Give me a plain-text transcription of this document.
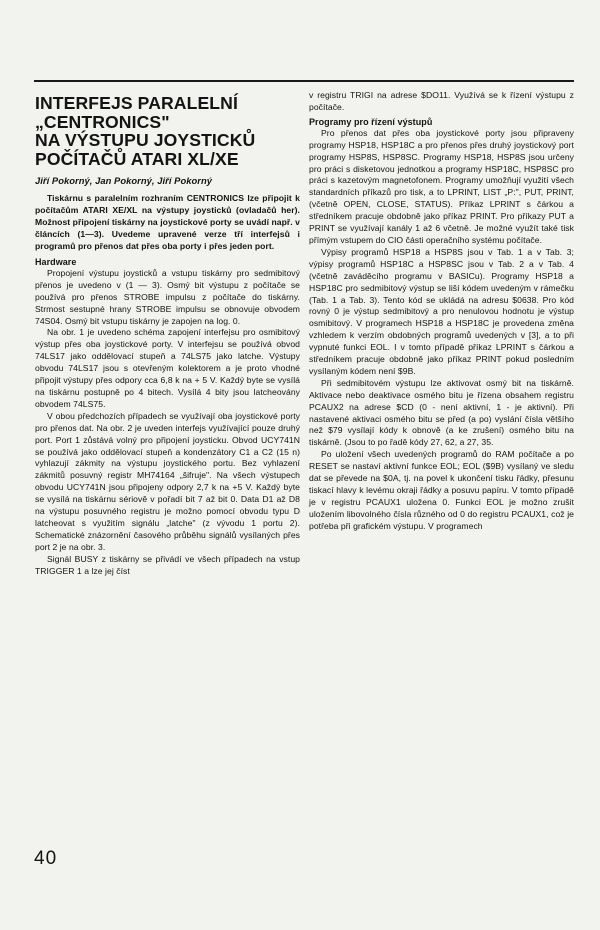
INTERFEJS PARALELNÍ
„CENTRONICS"
NA VÝSTUPU JOYSTICKŮ
POČÍTAČŮ ATARI XL/XE
Jiří Pokorný, Jan Pokorný, Jiří Pokorný

Tiskárnu s paralelním rozhraním CENTRONICS lze připojit k počítačům ATARI XE/XL na výstupy joysticků (ovladačů her). Možnost připojení tiskárny na joystickové porty se uvádí např. v článcích (1—3). Uvedeme upravené verze tří interfejsů i programů pro přenos dat přes oba porty i přes jeden port.

Hardware

Propojení výstupu joysticků a vstupu tiskárny pro sedmibitový přenos je uvedeno v (1 — 3). Osmý bit výstupu z počítače se používá pro přenos STROBE impulsu z počítače do tiskárny. Strmost sestupné hrany STROBE impulsu se obnovuje obvodem 74S04. Osmý bit vstupu tiskárny je zapojen na log. 0.

Na obr. 1 je uvedeno schéma zapojení interfejsu pro osmibitový výstup přes oba joystickové porty. V interfejsu se používá obvod 74LS17 jako oddělovací stupeň a 74LS75 jako latche. Výstupy obvodu 74LS17 jsou s otevřeným kolektorem a je proto vhodné připojit výstupy přes odpory cca 6,8 k na + 5 V. Každý byte se vysílá na tiskárnu postupně po 4 bitech. Vysílá 4 bity jsou latcheovány obvodem 74LS75.

V obou předchozích případech se využívají oba joystickové porty pro přenos dat. Na obr. 2 je uveden interfejs využívající pouze druhý port. Port 1 zůstává volný pro připojení joysticku. Obvod UCY741N se používá jako oddělovací stupeň a kondenzátory C1 a C2 (15 n) vyhlazují zákmity na výstupu joystického portu. Bez vyhlazení zákmitů posuvný registr MH74164 „šifruje". Na všech výstupech obvodu UCY741N jsou připojeny odpory 2,7 k na +5 V. Každý byte se vysílá na tiskárnu sériově v pořadí bit 7 až bit 0. Data D1 až D8 na výstupu posuvného registru je možno pomocí obvodu typu D latcheovat s využitím signálu „latche" (z vývodu 1 portu 2). Schematické znázornění časového průběhu signálů vysílaných přes port 2 je na obr. 3.

Signál BUSY z tiskárny se přivádí ve všech případech na vstup TRIGGER 1 a lze jej číst

v registru TRIGI na adrese $DO11. Využívá se k řízení výstupu z počítače.

Programy pro řízení výstupů

Pro přenos dat přes oba joystickové porty jsou připraveny programy HSP18, HSP18C a pro přenos přes druhý joystickový port programy HSP8S, HSP8SC. Programy HSP18, HSP8S jsou určeny pro práci s disketovou jednotkou a programy HSP18C, HSP8SC pro práci s kazetovým magnetofonem. Programy umožňují využití všech standardních příkazů pro tisk, a to LPRINT, LIST „P:", PUT, PRINT, (včetně OPEN, CLOSE, STATUS). Příkaz LPRINT s čárkou a středníkem pracuje obdobně jako příkaz PRINT. Pro příkazy PUT a PRINT se využívají kanály 1 až 6 včetně. Je možné využít také tisk přímým vstupem do CIO části operačního systému počítače.

Výpisy programů HSP18 a HSP8S jsou v Tab. 1 a v Tab. 3; výpisy programů HSP18C a HSP8SC jsou v Tab. 2 a v Tab. 4 (včetně zaváděcího programu v BASICu). Programy HSP18 a HSP18C pro sedmibitový výstup se liší kódem uvedeným v rámečku (Tab. 1 a Tab. 3). Tento kód se ukládá na adresu $0638. Pro kód rovný 0 je výstup sedmibitový a pro nenulovou hodnotu je výstup osmibitový. V programech HSP18 a HSP18C je provedena změna vzhledem k verzím obdobných programů uvedených v [3], a to při vypnuté funkci EOL. I v tomto případě příkaz LPRINT s čárkou a středníkem pracuje obdobně jako příkaz PRINT pokud posledním vysílaným kódem není $9B.

Při sedmibitovém výstupu lze aktivovat osmý bit na tiskárně. Aktivace nebo deaktivace osmého bitu je řízena obsahem registru PCAUX2 na adrese $CD (0 - není aktivní, 1 - je aktivní). Při nastavené aktivaci osmého bitu se před (a po) vyslání čísla většího než $79 vysílají kódy k obnově (a ke zrušení) osmého bitu na tiskárně. (Jsou to po řadě kódy 27, 62, a 27, 35.

Po uložení všech uvedených programů do RAM počítače a po RESET se nastaví aktivní funkce EOL; EOL ($9B) vysílaný ve sledu dat se převede na $0A, tj. na povel k ukončení tisku řádky, přesunu tiskací hlavy k levému okraji řádky a posuvu papíru. V tomto případě je v registru PCAUX1 uložena 0. Funkci EOL je možno zrušit uložením libovolného čísla různého od 0 do registru PCAUX1, což je potřeba při grafickém výstupu. V programech

40
